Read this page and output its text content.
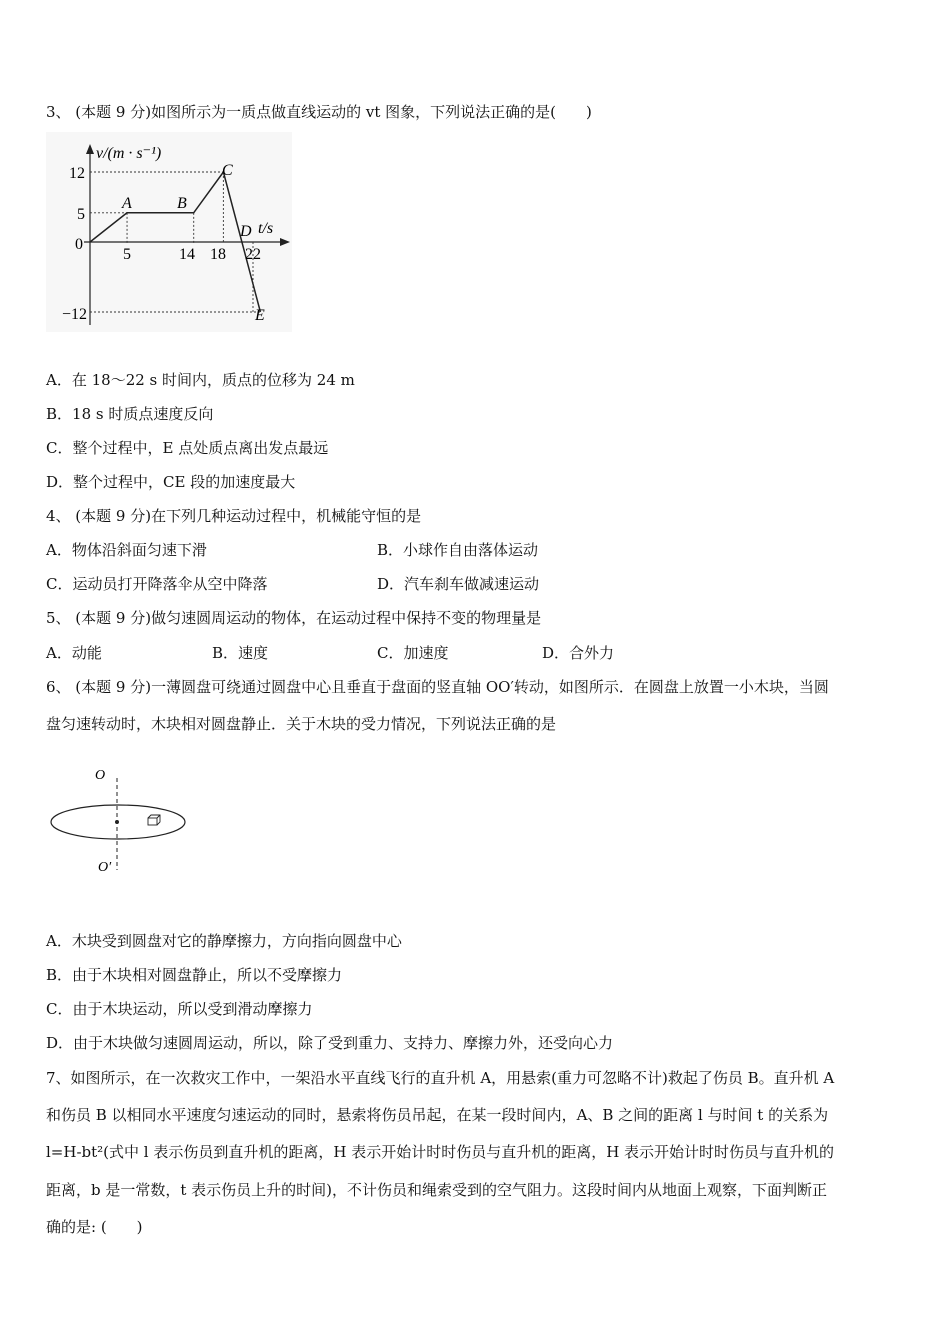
3、 (本题 9 分)如图所示为一质点做直线运动的 vt 图象，下列说法正确的是(　　)
v/(m · s⁻¹)
t/s
0
12
5
−12
5	14 18 22
A	B
C
D
E
A．在 18～22 s 时间内，质点的位移为 24 m
B．18 s 时质点速度反向
C．整个过程中，E 点处质点离出发点最远
D．整个过程中，CE 段的加速度最大
4、 (本题 9 分)在下列几种运动过程中，机械能守恒的是
A．物体沿斜面匀速下滑	B．小球作自由落体运动
C．运动员打开降落伞从空中降落	D．汽车刹车做减速运动
5、 (本题 9 分)做匀速圆周运动的物体，在运动过程中保持不变的物理量是
A．动能	B．速度	C．加速度	D．合外力
6、 (本题 9 分)一薄圆盘可绕通过圆盘中心且垂直于盘面的竖直轴 OO′转动，如图所示．在圆盘上放置一小木块，当圆
盘匀速转动时，木块相对圆盘静止．关于木块的受力情况，下列说法正确的是
O
O′
A．木块受到圆盘对它的静摩擦力，方向指向圆盘中心
B．由于木块相对圆盘静止，所以不受摩擦力
C．由于木块运动，所以受到滑动摩擦力
D．由于木块做匀速圆周运动，所以，除了受到重力、支持力、摩擦力外，还受向心力
7、如图所示，在一次救灾工作中，一架沿水平直线飞行的直升机 A，用悬索(重力可忽略不计)救起了伤员 B。直升机 A
和伤员 B 以相同水平速度匀速运动的同时，悬索将伤员吊起，在某一段时间内，A、B 之间的距离 l 与时间 t 的关系为
l=H-bt²(式中 l 表示伤员到直升机的距离，H 表示开始计时时伤员与直升机的距离，H 表示开始计时时伤员与直升机的
距离，b 是一常数，t 表示伤员上升的时间)，不计伤员和绳索受到的空气阻力。这段时间内从地面上观察，下面判断正
确的是: (　　)
